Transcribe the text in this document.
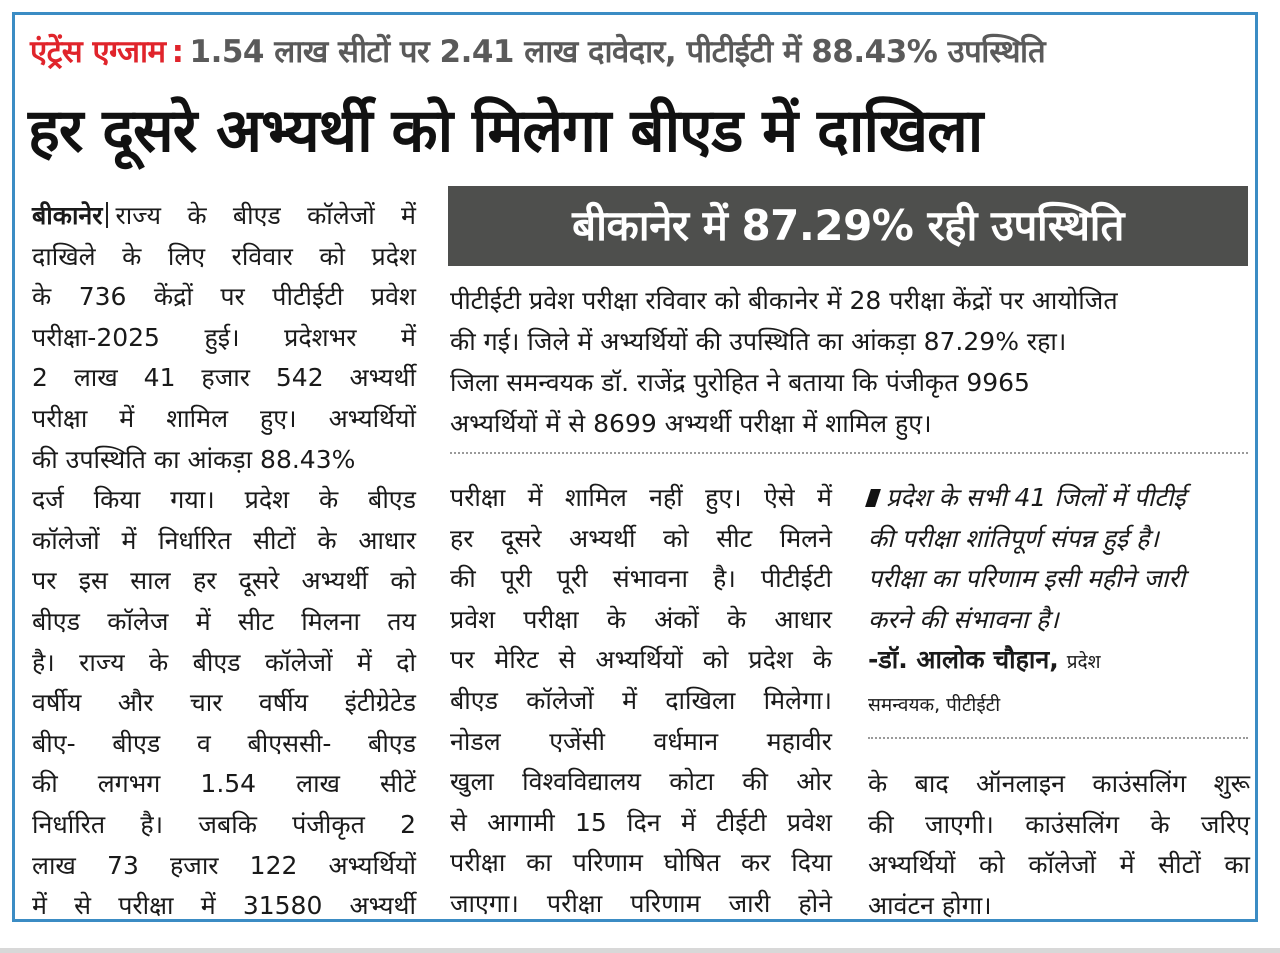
एंट्रेंस एग्जाम : 1.54 लाख सीटों पर 2.41 लाख दावेदार, पीटीईटी में 88.43% उपस्थिति
हर दूसरे अभ्यर्थी को मिलेगा बीएड में दाखिला
बीकानेर राज्य के बीएड कॉलेजों में
दाखिले के लिए रविवार को प्रदेश
के 736 केंद्रों पर पीटीईटी प्रवेश
परीक्षा-2025 हुई। प्रदेशभर में
2 लाख 41 हजार 542 अभ्यर्थी
परीक्षा में शामिल हुए। अभ्यर्थियों
की उपस्थिति का आंकड़ा 88.43%
दर्ज किया गया। प्रदेश के बीएड
कॉलेजों में निर्धारित सीटों के आधार
पर इस साल हर दूसरे अभ्यर्थी को
बीएड कॉलेज में सीट मिलना तय
है। राज्य के बीएड कॉलेजों में दो
वर्षीय और चार वर्षीय इंटीग्रेटेड
बीए- बीएड व बीएससी- बीएड
की लगभग 1.54 लाख सीटें
निर्धारित है। जबकि पंजीकृत 2
लाख 73 हजार 122 अभ्यर्थियों
में से परीक्षा में 31580 अभ्यर्थी
बीकानेर में 87.29% रही उपस्थिति
पीटीईटी प्रवेश परीक्षा रविवार को बीकानेर में 28 परीक्षा केंद्रों पर आयोजित
की गई। जिले में अभ्यर्थियों की उपस्थिति का आंकड़ा 87.29% रहा।
जिला समन्वयक डॉ. राजेंद्र पुरोहित ने बताया कि पंजीकृत 9965
अभ्यर्थियों में से 8699 अभ्यर्थी परीक्षा में शामिल हुए।
परीक्षा में शामिल नहीं हुए। ऐसे में
हर दूसरे अभ्यर्थी को सीट मिलने
की पूरी पूरी संभावना है। पीटीईटी
प्रवेश परीक्षा के अंकों के आधार
पर मेरिट से अभ्यर्थियों को प्रदेश के
बीएड कॉलेजों में दाखिला मिलेगा।
नोडल एजेंसी वर्धमान महावीर
खुला विश्वविद्यालय कोटा की ओर
से आगामी 15 दिन में टीईटी प्रवेश
परीक्षा का परिणाम घोषित कर दिया
जाएगा। परीक्षा परिणाम जारी होने
प्रदेश के सभी 41 जिलों में पीटीई
की परीक्षा शांतिपूर्ण संपन्न हुई है।
परीक्षा का परिणाम इसी महीने जारी
करने की संभावना है।
-डॉ. आलोक चौहान, प्रदेश
समन्वयक, पीटीईटी
के बाद ऑनलाइन काउंसलिंग शुरू
की जाएगी। काउंसलिंग के जरिए
अभ्यर्थियों को कॉलेजों में सीटों का
आवंटन होगा।
